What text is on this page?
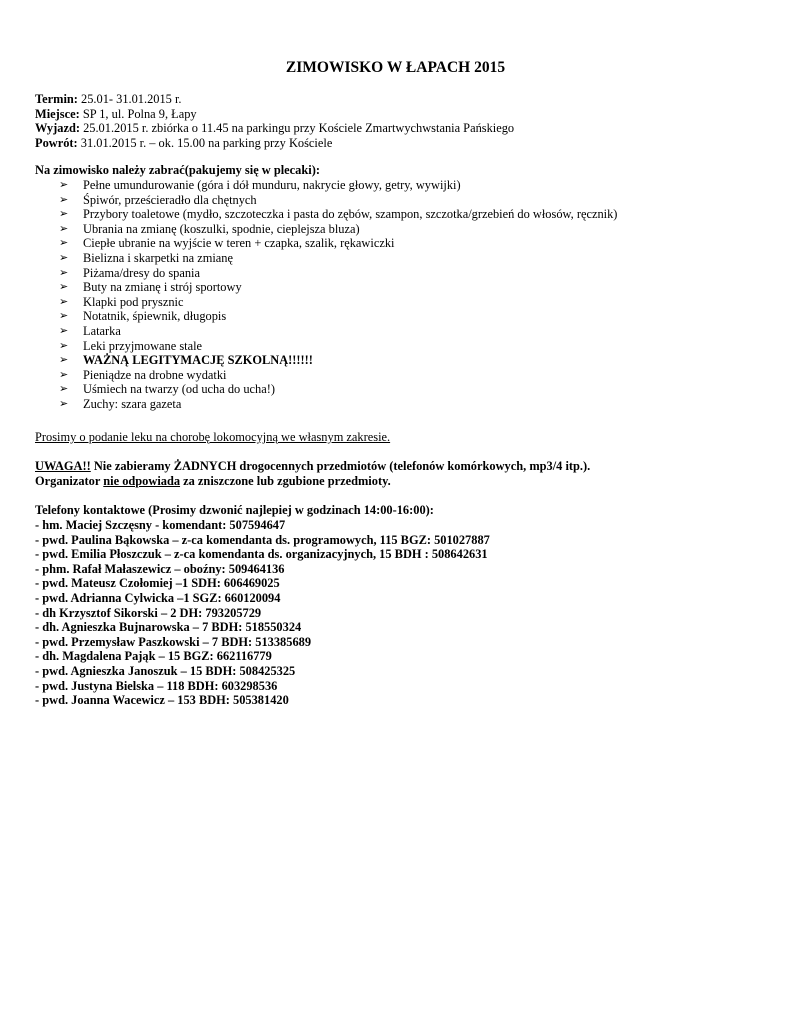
ZIMOWISKO W ŁAPACH 2015
Termin: 25.01- 31.01.2015 r.
Miejsce: SP 1, ul. Polna 9, Łapy
Wyjazd: 25.01.2015 r. zbiórka o 11.45 na parkingu przy Kościele Zmartwychwstania Pańskiego
Powrót: 31.01.2015 r. – ok. 15.00 na parking przy Kościele
Na zimowisko należy zabrać(pakujemy się w plecaki):
➢ Pełne umundurowanie (góra i dół munduru, nakrycie głowy, getry, wywijki)
➢ Śpiwór, prześcieradło dla chętnych
➢ Przybory toaletowe (mydło, szczoteczka i pasta do zębów, szampon, szczotka/grzebień do włosów, ręcznik)
➢ Ubrania na zmianę (koszulki, spodnie, cieplejsza bluza)
➢ Ciepłe ubranie na wyjście w teren + czapka, szalik, rękawiczki
➢ Bielizna i skarpetki na zmianę
➢ Piżama/dresy do spania
➢ Buty na zmianę i strój sportowy
➢ Klapki pod prysznic
➢ Notatnik, śpiewnik, długopis
➢ Latarka
➢ Leki przyjmowane stale
➢ WAŻNĄ LEGITYMACJĘ SZKOLNĄ!!!!!!
➢ Pieniądze na drobne wydatki
➢ Uśmiech na twarzy (od ucha do ucha!)
➢ Zuchy: szara gazeta
Prosimy o podanie leku na chorobę lokomocyjną we własnym zakresie.
UWAGA!! Nie zabieramy ŻADNYCH drogocennych przedmiotów (telefonów komórkowych, mp3/4 itp.).
Organizator nie odpowiada za zniszczone lub zgubione przedmioty.
Telefony kontaktowe (Prosimy dzwonić najlepiej w godzinach 14:00-16:00):
- hm. Maciej Szczęsny - komendant: 507594647
- pwd. Paulina Bąkowska – z-ca komendanta ds. programowych, 115 BGZ: 501027887
- pwd. Emilia Płoszczuk – z-ca komendanta ds. organizacyjnych, 15 BDH : 508642631
- phm. Rafał Małaszewicz – oboźny: 509464136
- pwd. Mateusz Czołomiej –1 SDH: 606469025
- pwd. Adrianna Cylwicka –1 SGZ: 660120094
- dh Krzysztof Sikorski – 2 DH: 793205729
- dh. Agnieszka Bujnarowska – 7 BDH: 518550324
- pwd. Przemysław Paszkowski – 7 BDH: 513385689
- dh. Magdalena Pająk – 15 BGZ: 662116779
- pwd. Agnieszka Janoszuk – 15 BDH: 508425325
- pwd. Justyna Bielska – 118 BDH: 603298536
- pwd. Joanna Wacewicz – 153 BDH: 505381420
